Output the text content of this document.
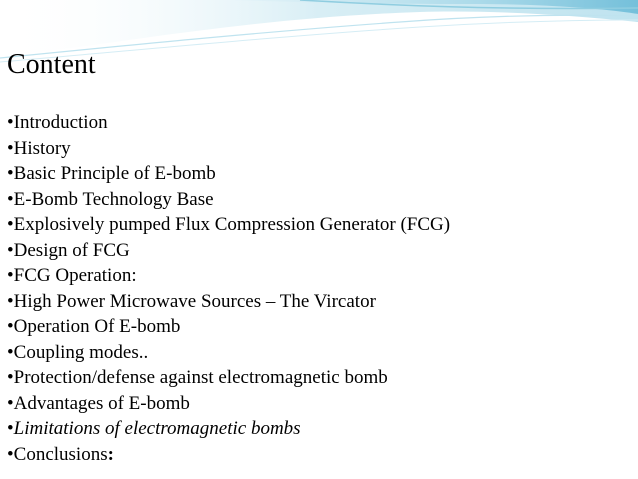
Content
•Introduction
•History
•Basic Principle of E-bomb
•E-Bomb Technology Base
•Explosively pumped Flux Compression Generator (FCG)
•Design of FCG
•FCG Operation:
•High Power Microwave Sources – The Vircator
•Operation Of E-bomb
•Coupling modes..
•Protection/defense against electromagnetic bomb
•Advantages of E-bomb
•Limitations of electromagnetic bombs
•Conclusions:
